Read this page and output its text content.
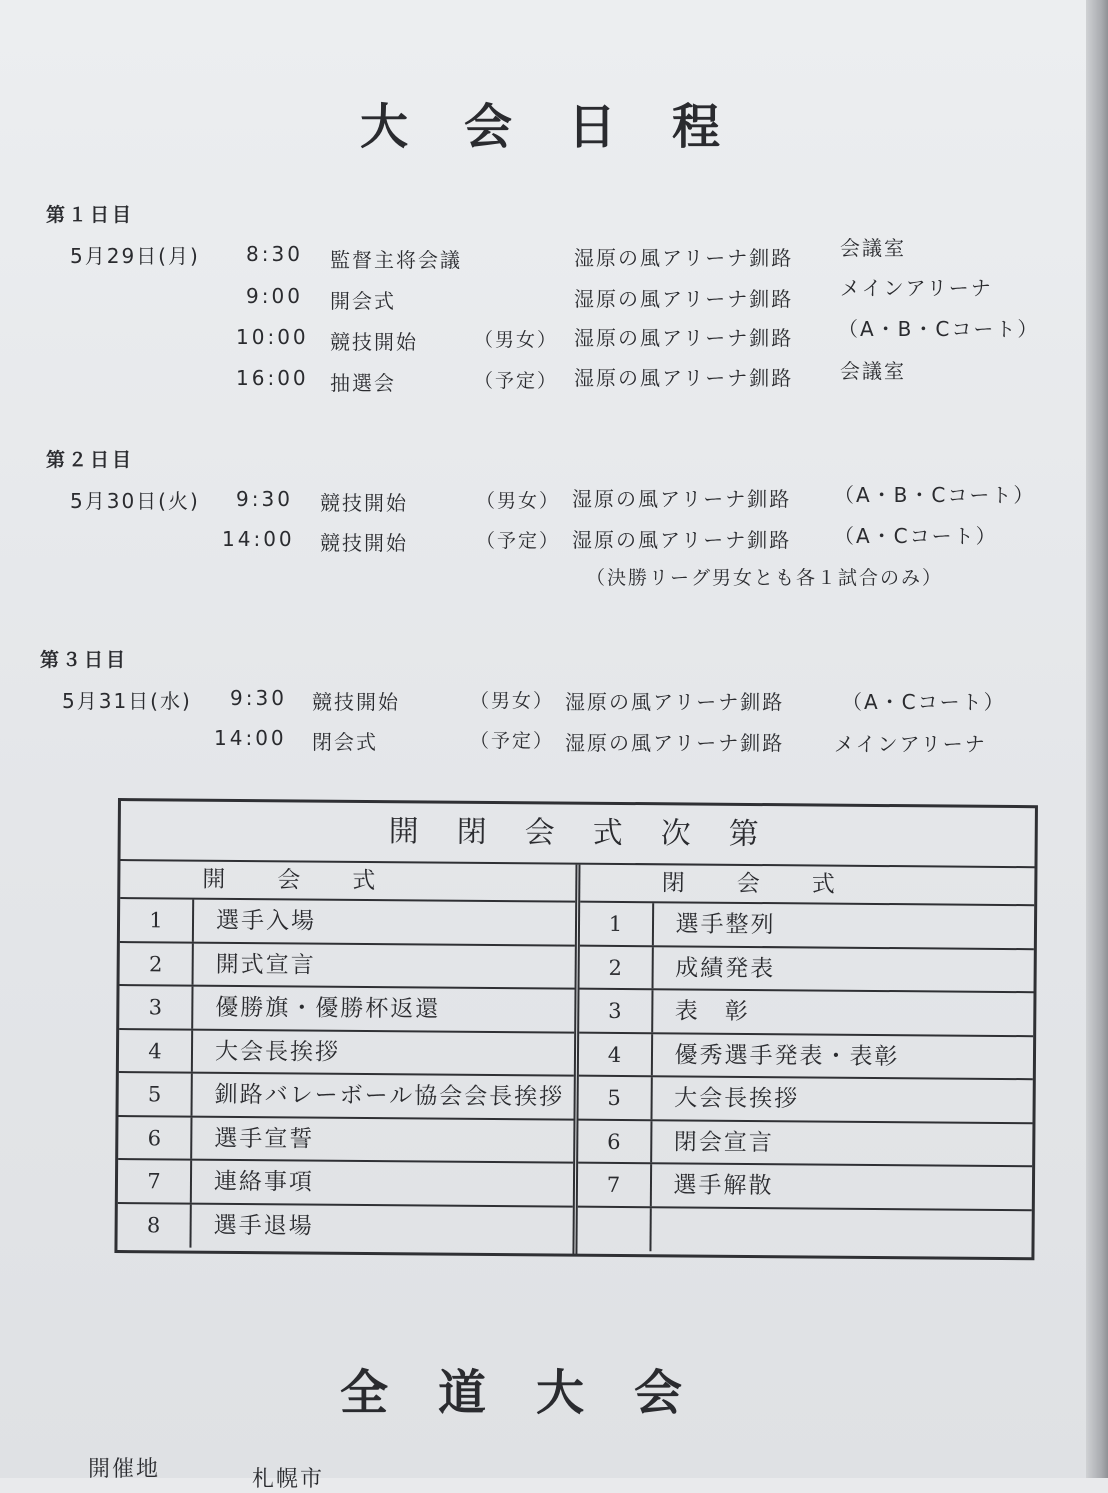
大会日程
第１日目
5月29日(月) 8:30 監督主将会議	湿原の風アリーナ釧路 会議室
9:00 開会式	湿原の風アリーナ釧路 メインアリーナ
10:00 競技開始	（男女） 湿原の風アリーナ釧路 （A・B・Cコート）
16:00 抽選会	（予定） 湿原の風アリーナ釧路 会議室
第２日目
5月30日(火) 9:30 競技開始	（男女） 湿原の風アリーナ釧路 （A・B・Cコート）
14:00 競技開始	（予定） 湿原の風アリーナ釧路 （A・Cコート）
（決勝リーグ男女とも各１試合のみ）
第３日目
5月31日(水) 9:30 競技開始	（男女） 湿原の風アリーナ釧路	（A・Cコート）
14:00 閉会式	（予定） 湿原の風アリーナ釧路 メインアリーナ
開閉会式次第
開会式
1	選手入場
2	開式宣言
3	優勝旗・優勝杯返還
4	大会長挨拶
5	釧路バレーボール協会会長挨拶
6	選手宣誓
7	連絡事項
8	選手退場
閉会式
1	選手整列
2	成績発表
3	表　彰
4	優秀選手発表・表彰
5	大会長挨拶
6	閉会宣言
7	選手解散
全道大会
開催地	札幌市
